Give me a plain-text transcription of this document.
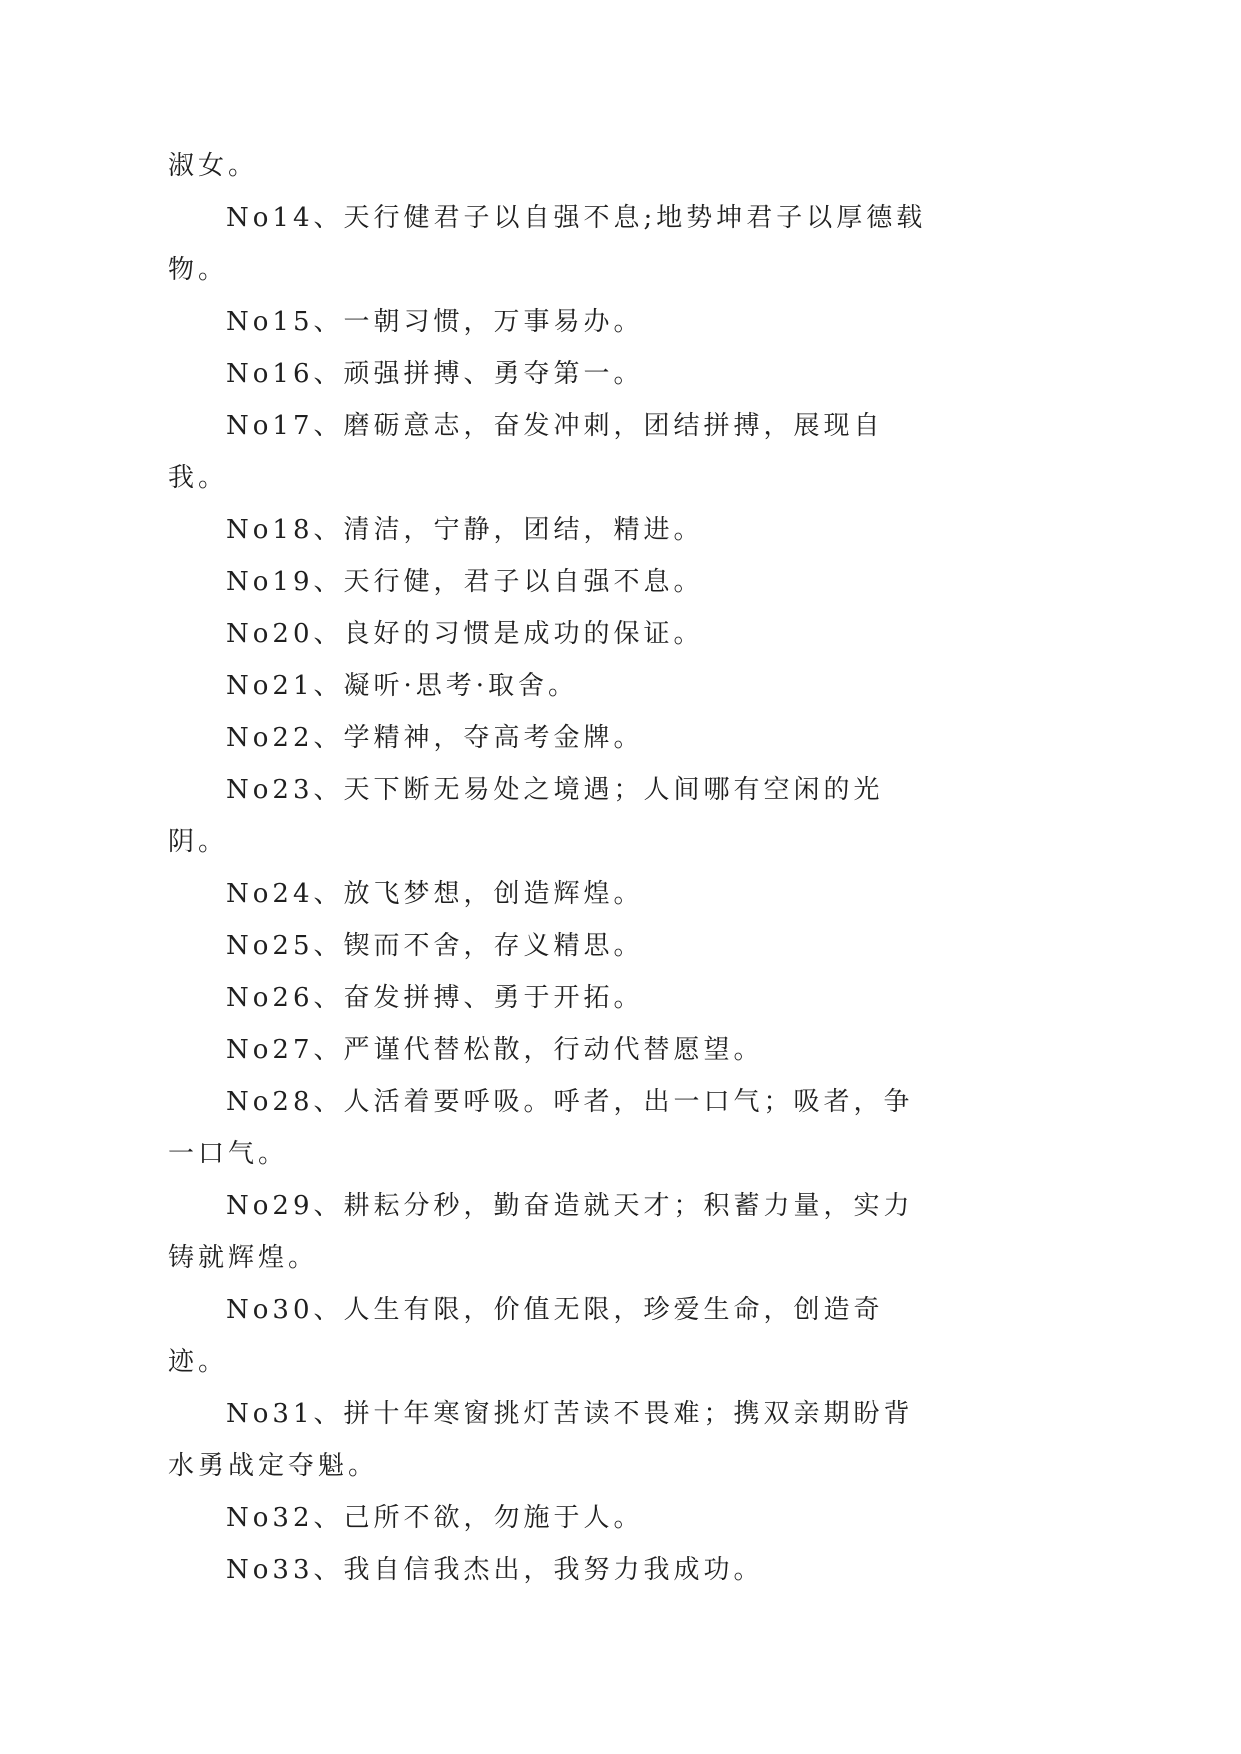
淑女。

No14、天行健君子以自强不息;地势坤君子以厚德载物。

No15、一朝习惯，万事易办。

No16、顽强拼搏、勇夺第一。

No17、磨砺意志，奋发冲刺，团结拼搏，展现自我。

No18、清洁，宁静，团结，精进。

No19、天行健，君子以自强不息。

No20、良好的习惯是成功的保证。

No21、凝听·思考·取舍。

No22、学精神，夺高考金牌。

No23、天下断无易处之境遇；人间哪有空闲的光阴。

No24、放飞梦想，创造辉煌。

No25、锲而不舍，存义精思。

No26、奋发拼搏、勇于开拓。

No27、严谨代替松散，行动代替愿望。

No28、人活着要呼吸。呼者，出一口气；吸者，争一口气。

No29、耕耘分秒，勤奋造就天才；积蓄力量，实力铸就辉煌。

No30、人生有限，价值无限，珍爱生命，创造奇迹。

No31、拼十年寒窗挑灯苦读不畏难；携双亲期盼背水勇战定夺魁。

No32、己所不欲，勿施于人。

No33、我自信我杰出，我努力我成功。
